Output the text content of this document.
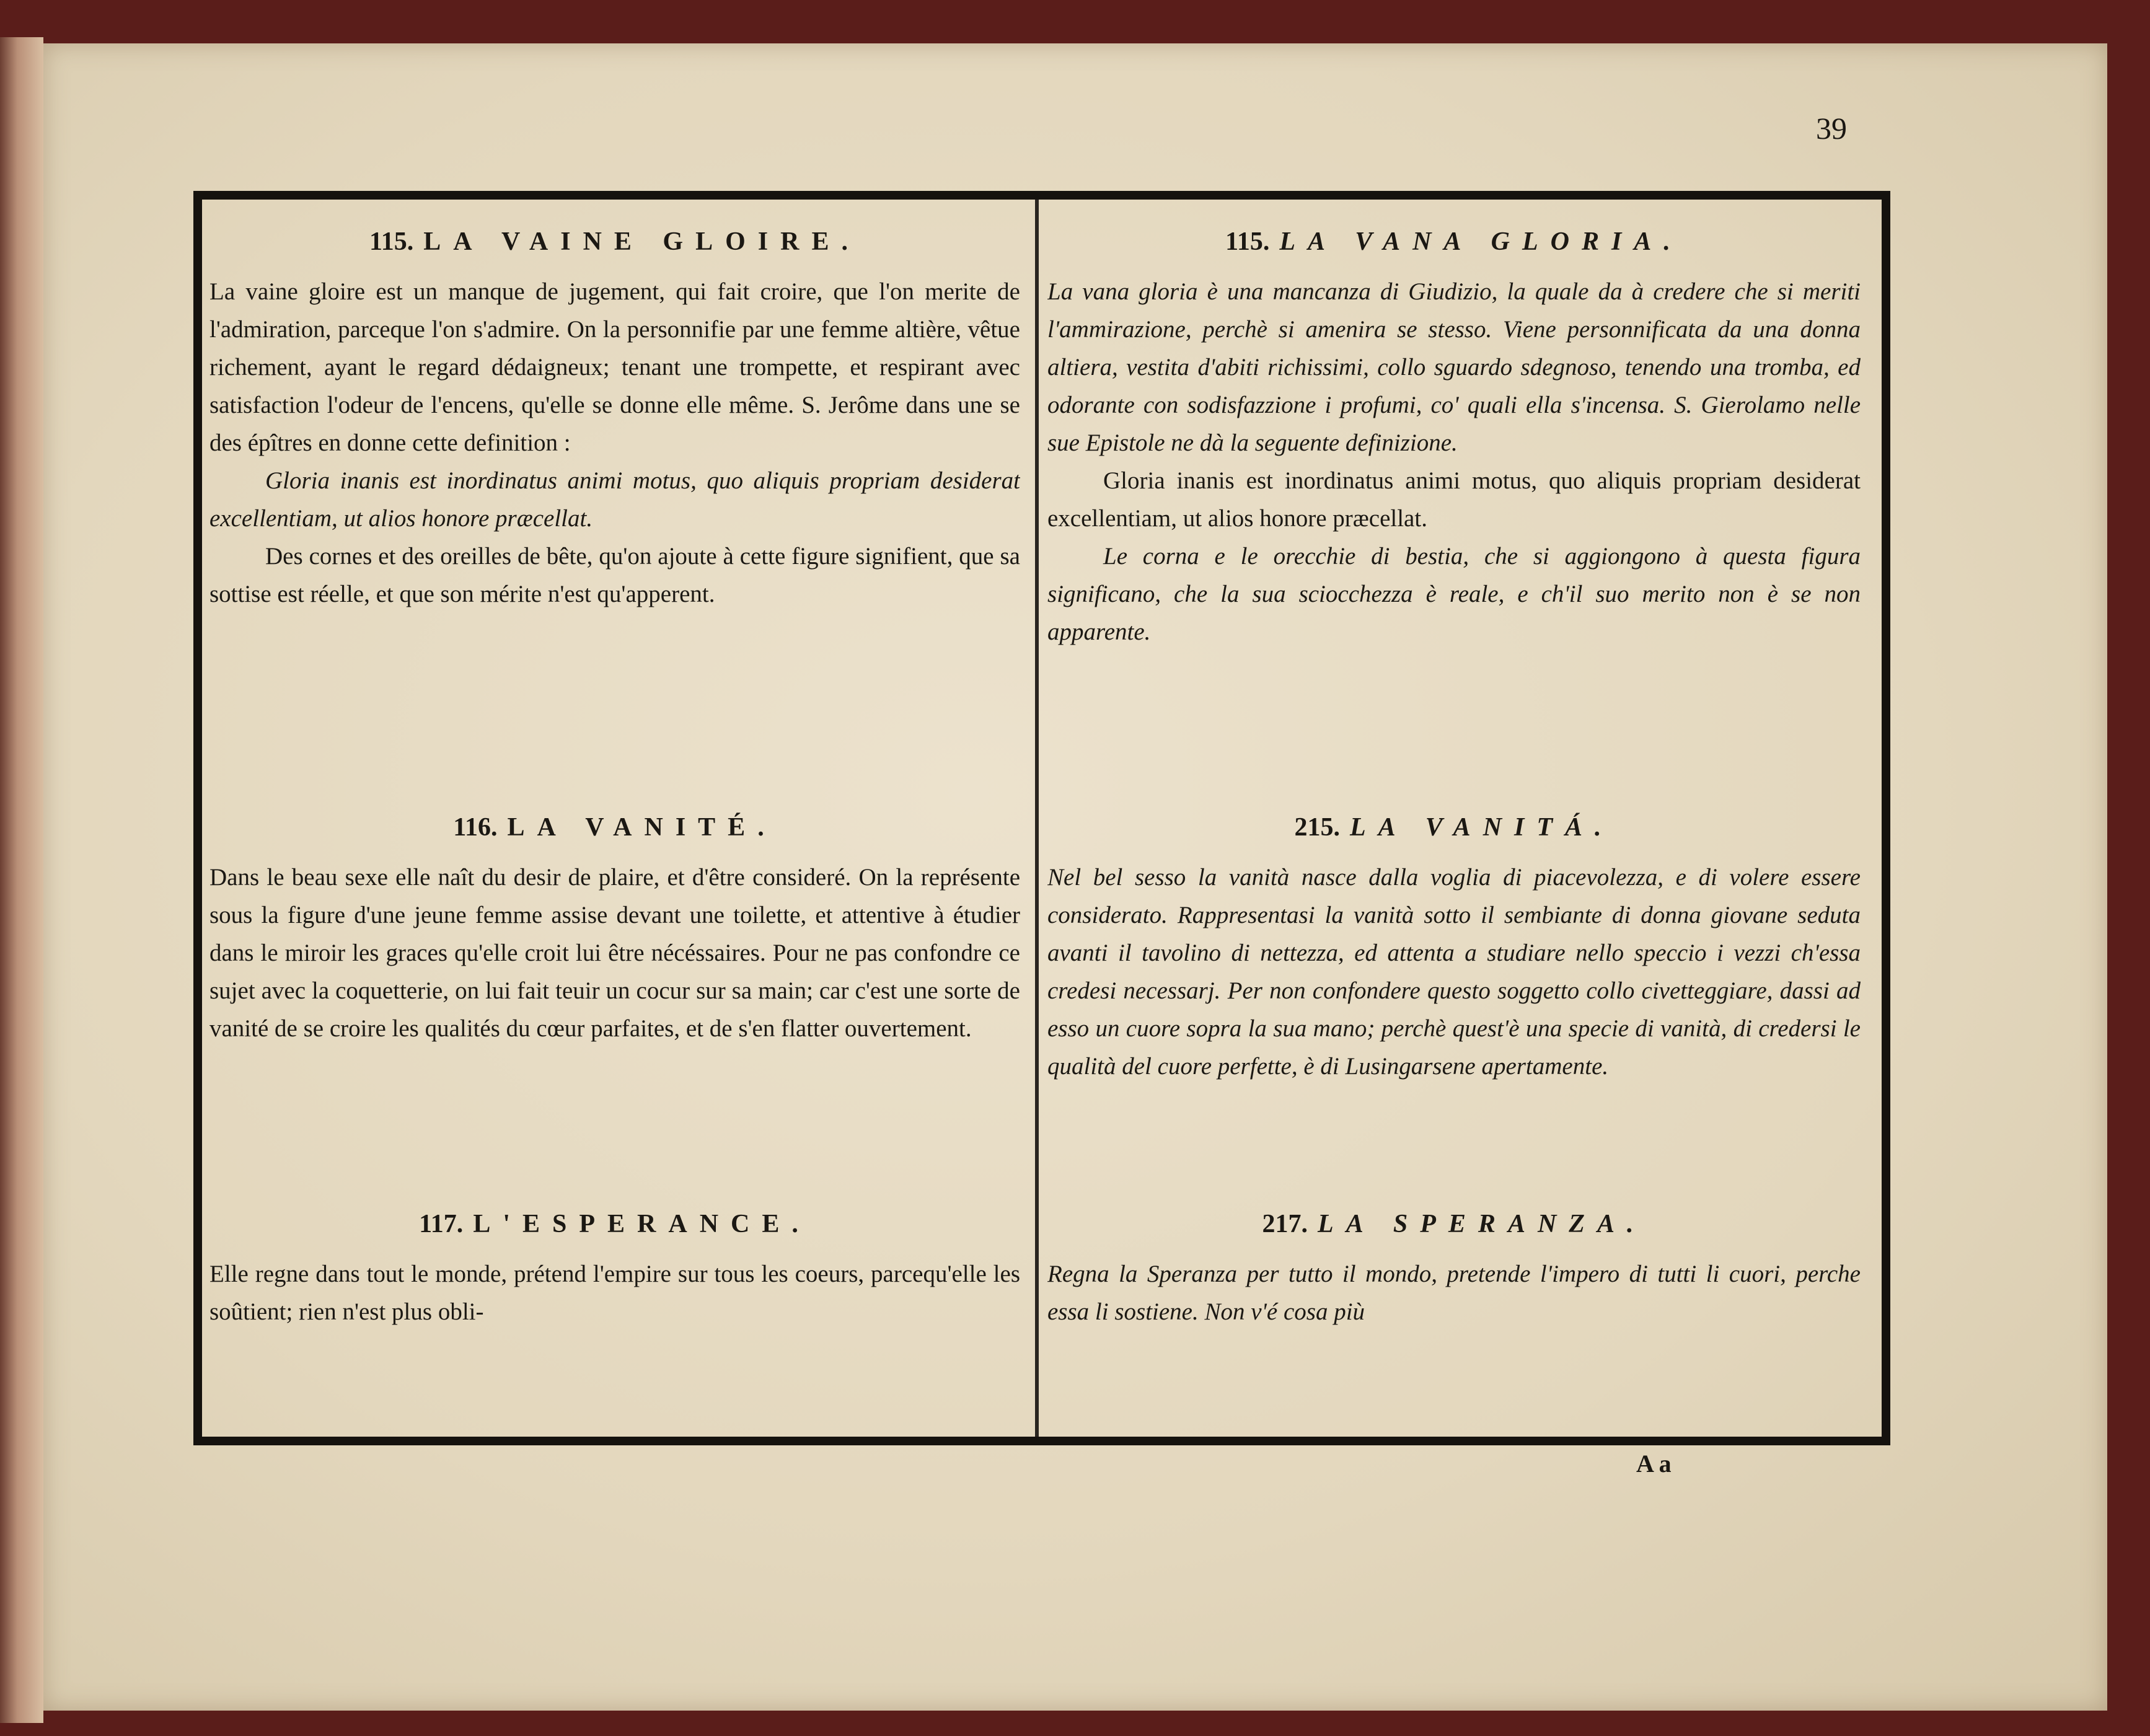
39
115. LA VAINE GLOIRE.

La vaine gloire est un manque de jugement, qui fait croire, que l'on merite de l'admiration, parceque l'on s'admire. On la personnifie par une femme altière, vêtue richement, ayant le regard dédaigneux; tenant une trompette, et respirant avec satisfaction l'odeur de l'encens, qu'elle se donne elle même. S. Jerôme dans une se des épîtres en donne cette definition :

Gloria inanis est inordinatus animi motus, quo aliquis propriam desiderat excellentiam, ut alios honore præcellat.

Des cornes et des oreilles de bête, qu'on ajoute à cette figure signifient, que sa sottise est réelle, et que son mérite n'est qu'apperent.

116. LA VANITÉ.

Dans le beau sexe elle naît du desir de plaire, et d'être consideré. On la représente sous la figure d'une jeune femme assise devant une toilette, et attentive à étudier dans le miroir les graces qu'elle croit lui être nécéssaires. Pour ne pas confondre ce sujet avec la coquetterie, on lui fait teuir un cocur sur sa main; car c'est une sorte de vanité de se croire les qualités du cœur parfaites, et de s'en flatter ouvertement.

117. L'ESPERANCE.

Elle regne dans tout le monde, prétend l'empire sur tous les coeurs, parcequ'elle les soûtient; rien n'est plus obli-

115. LA VANA GLORIA.

La vana gloria è una mancanza di Giudizio, la quale da à credere che si meriti l'ammirazione, perchè si amenira se stesso. Viene personnificata da una donna altiera, vestita d'abiti richissimi, collo sguardo sdegnoso, tenendo una tromba, ed odorante con sodisfazzione i profumi, co' quali ella s'incensa. S. Gierolamo nelle sue Epistole ne dà la seguente definizione.

Gloria inanis est inordinatus animi motus, quo aliquis propriam desiderat excellentiam, ut alios honore præcellat.

Le corna e le orecchie di bestia, che si aggiongono à questa figura significano, che la sua sciocchezza è reale, e ch'il suo merito non è se non apparente.

215. LA VANITÁ.

Nel bel sesso la vanità nasce dalla voglia di piacevolezza, e di volere essere considerato. Rappresentasi la vanità sotto il sembiante di donna giovane seduta avanti il tavolino di nettezza, ed attenta a studiare nello speccio i vezzi ch'essa credesi necessarj. Per non confondere questo soggetto collo civetteggiare, dassi ad esso un cuore sopra la sua mano; perchè quest'è una specie di vanità, di credersi le qualità del cuore perfette, è di Lusingarsene apertamente.

217. LA SPERANZA.

Regna la Speranza per tutto il mondo, pretende l'impero di tutti li cuori, perche essa li sostiene. Non v'é cosa più

A a
